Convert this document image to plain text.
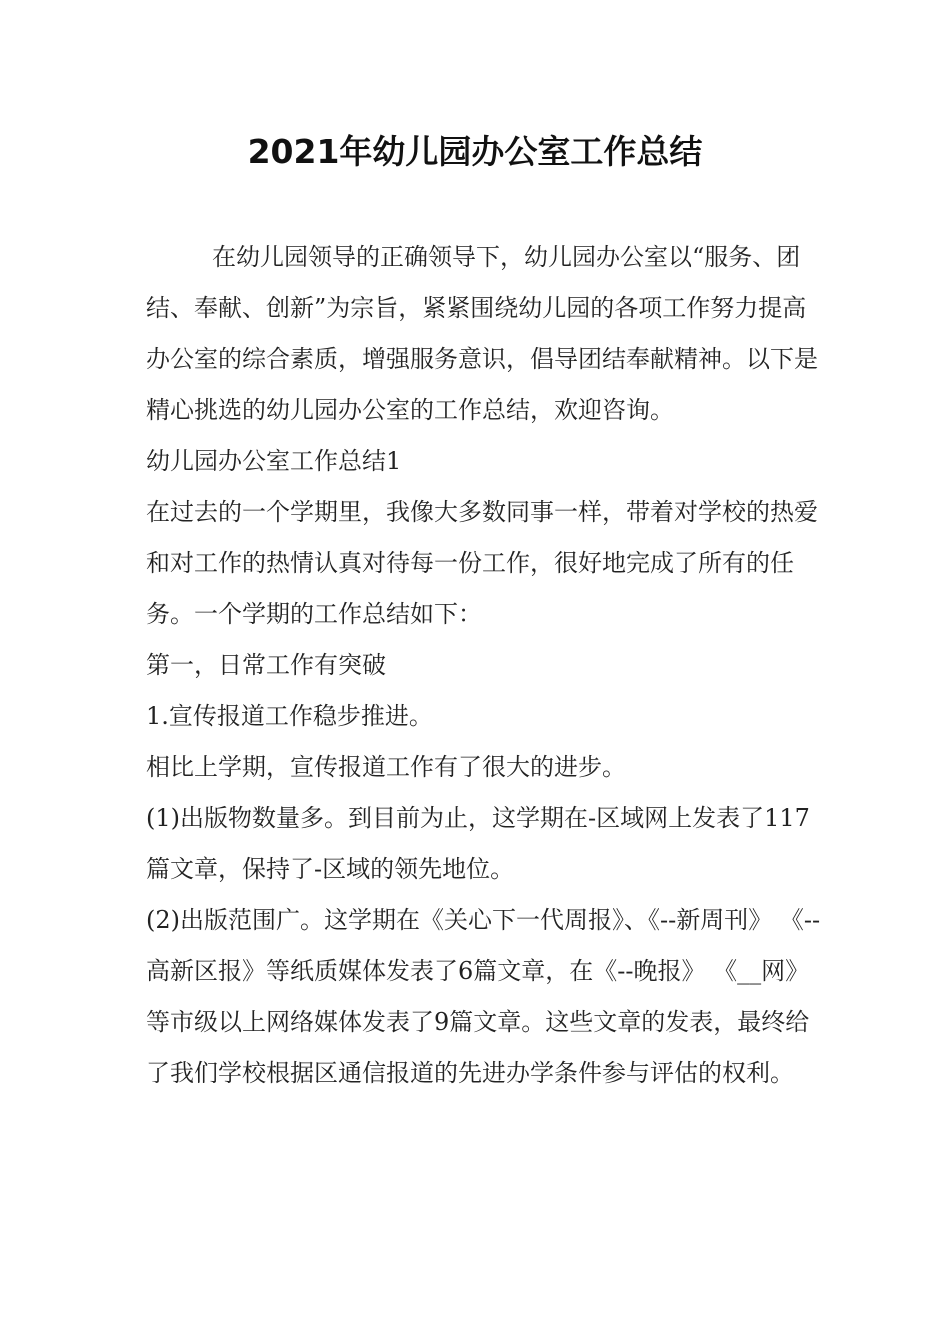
2021年幼儿园办公室工作总结

在幼儿园领导的正确领导下，幼儿园办公室以“服务、团结、奉献、创新”为宗旨，紧紧围绕幼儿园的各项工作努力提高办公室的综合素质，增强服务意识，倡导团结奉献精神。以下是精心挑选的幼儿园办公室的工作总结，欢迎咨询。

幼儿园办公室工作总结1

在过去的一个学期里，我像大多数同事一样，带着对学校的热爱和对工作的热情认真对待每一份工作，很好地完成了所有的任务。一个学期的工作总结如下：

第一，日常工作有突破

1.宣传报道工作稳步推进。

相比上学期，宣传报道工作有了很大的进步。

(1)出版物数量多。到目前为止，这学期在-区域网上发表了117篇文章，保持了-区域的领先地位。

(2)出版范围广。这学期在《关心下一代周报》、《--新周刊》 《--高新区报》等纸质媒体发表了6篇文章，在《--晚报》 《__网》等市级以上网络媒体发表了9篇文章。这些文章的发表，最终给了我们学校根据区通信报道的先进办学条件参与评估的权利。
